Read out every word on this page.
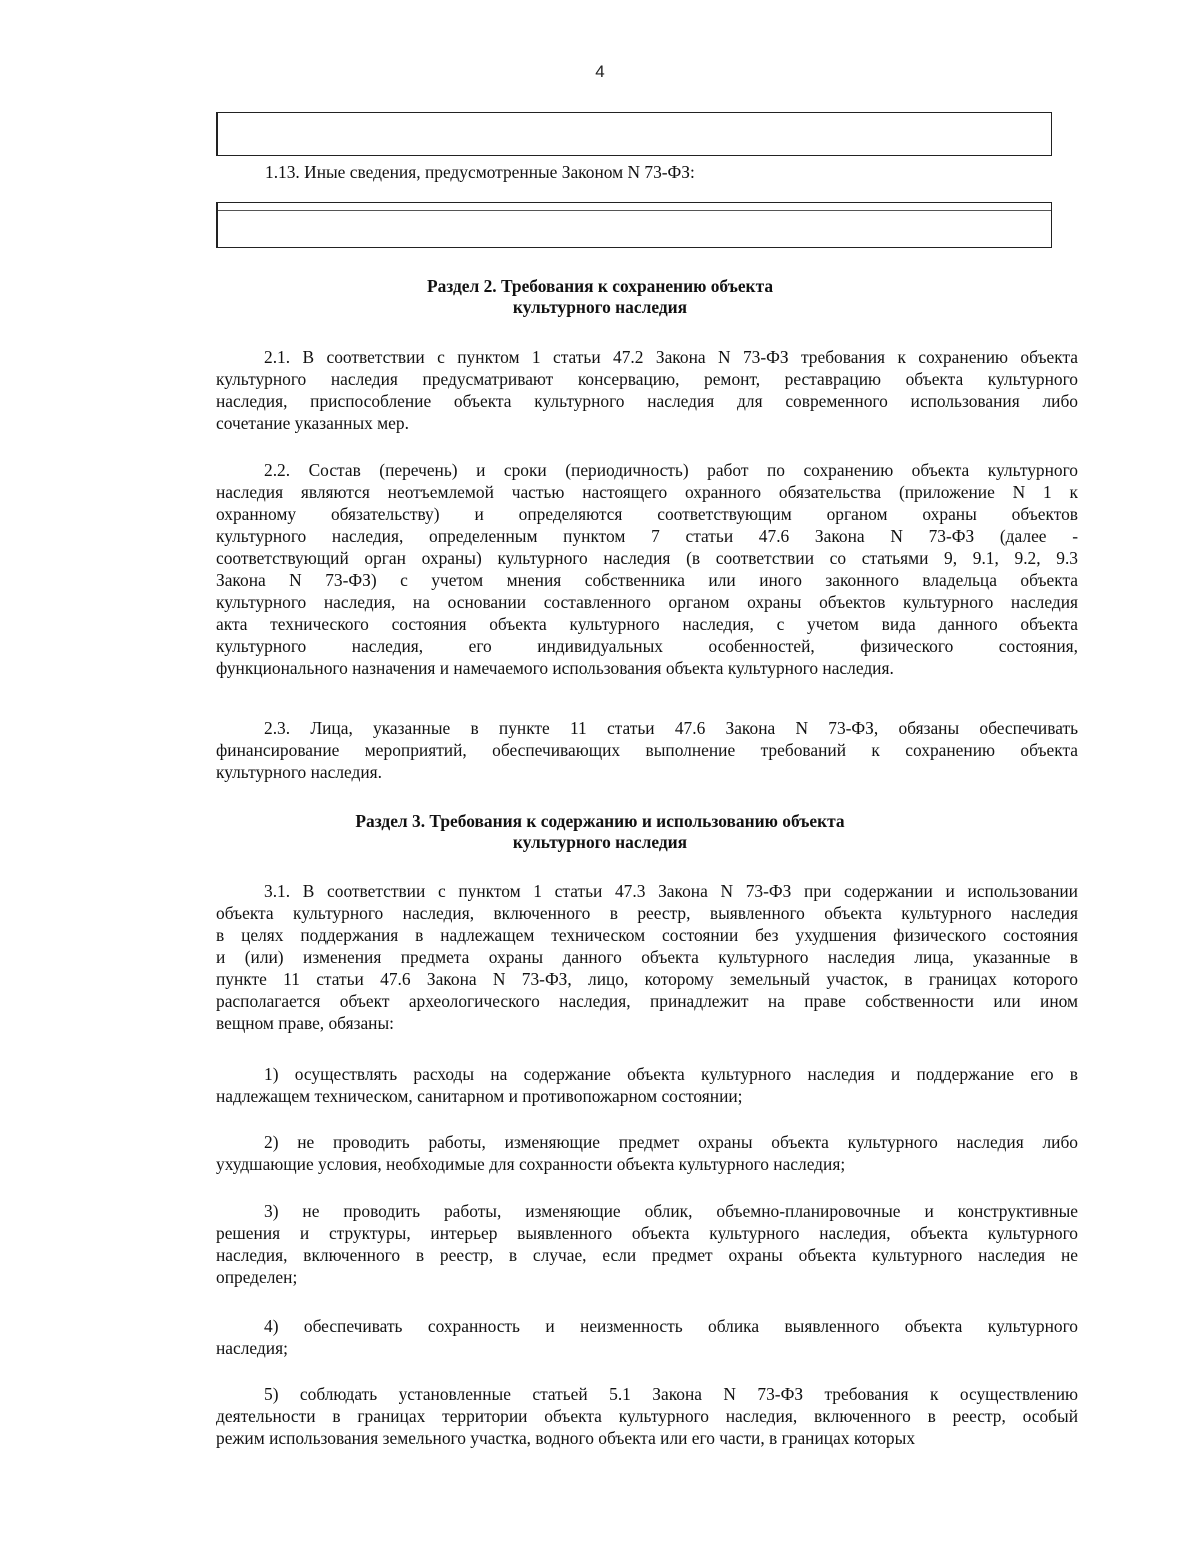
4
1.13. Иные сведения, предусмотренные Законом N 73-ФЗ:
Раздел 2. Требования к сохранению объекта
культурного наследия
2.1. В соответствии с пунктом 1 статьи 47.2 Закона N 73-ФЗ требования к сохранению объекта
культурного наследия предусматривают консервацию, ремонт, реставрацию объекта культурного
наследия, приспособление объекта культурного наследия для современного использования либо
сочетание указанных мер.
2.2. Состав (перечень) и сроки (периодичность) работ по сохранению объекта культурного
наследия являются неотъемлемой частью настоящего охранного обязательства (приложение N 1 к
охранному обязательству) и определяются соответствующим органом охраны объектов
культурного наследия, определенным пунктом 7 статьи 47.6 Закона N 73-ФЗ (далее -
соответствующий орган охраны) культурного наследия (в соответствии со статьями 9, 9.1, 9.2, 9.3
Закона N 73-ФЗ) с учетом мнения собственника или иного законного владельца объекта
культурного наследия, на основании составленного органом охраны объектов культурного наследия
акта технического состояния объекта культурного наследия, с учетом вида данного объекта
культурного наследия, его индивидуальных особенностей, физического состояния,
функционального назначения и намечаемого использования объекта культурного наследия.
2.3. Лица, указанные в пункте 11 статьи 47.6 Закона N 73-ФЗ, обязаны обеспечивать
финансирование мероприятий, обеспечивающих выполнение требований к сохранению объекта
культурного наследия.
Раздел 3. Требования к содержанию и использованию объекта
культурного наследия
3.1. В соответствии с пунктом 1 статьи 47.3 Закона N 73-ФЗ при содержании и использовании
объекта культурного наследия, включенного в реестр, выявленного объекта культурного наследия
в целях поддержания в надлежащем техническом состоянии без ухудшения физического состояния
и (или) изменения предмета охраны данного объекта культурного наследия лица, указанные в
пункте 11 статьи 47.6 Закона N 73-ФЗ, лицо, которому земельный участок, в границах которого
располагается объект археологического наследия, принадлежит на праве собственности или ином
вещном праве, обязаны:
1) осуществлять расходы на содержание объекта культурного наследия и поддержание его в
надлежащем техническом, санитарном и противопожарном состоянии;
2) не проводить работы, изменяющие предмет охраны объекта культурного наследия либо
ухудшающие условия, необходимые для сохранности объекта культурного наследия;
3) не проводить работы, изменяющие облик, объемно-планировочные и конструктивные
решения и структуры, интерьер выявленного объекта культурного наследия, объекта культурного
наследия, включенного в реестр, в случае, если предмет охраны объекта культурного наследия не
определен;
4) обеспечивать сохранность и неизменность облика выявленного объекта культурного
наследия;
5) соблюдать установленные статьей 5.1 Закона N 73-ФЗ требования к осуществлению
деятельности в границах территории объекта культурного наследия, включенного в реестр, особый
режим использования земельного участка, водного объекта или его части, в границах которых
